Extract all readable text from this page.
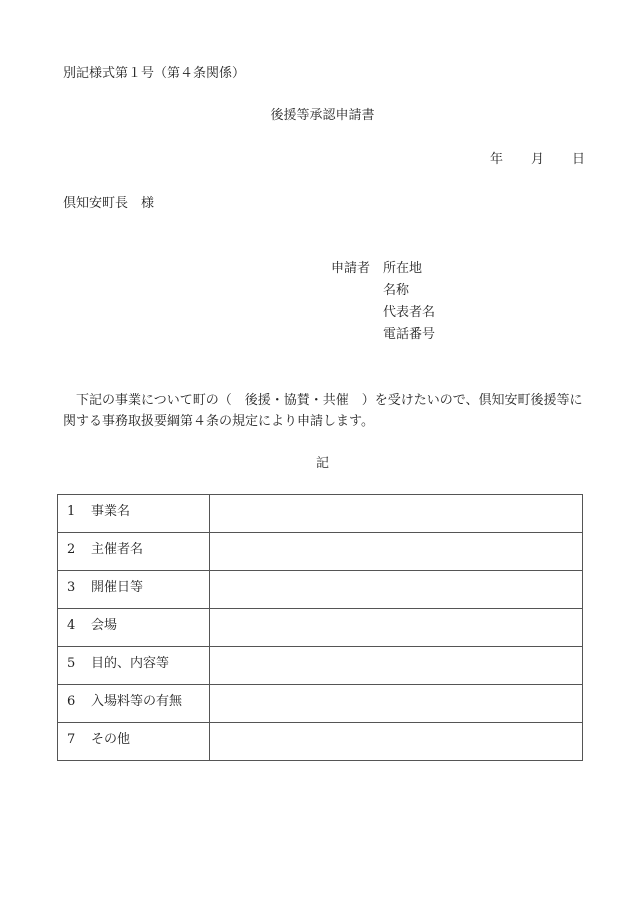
別記様式第１号（第４条関係）
後援等承認申請書
年 月 日
倶知安町長　様
申請者 所在地
名称
代表者名
電話番号
　下記の事業について町の（　後援・協賛・共催　）を受けたいので、倶知安町後援等に関する事務取扱要綱第４条の規定により申請します。
記
1 事業名	
2 主催者名	
3 開催日等	
4 会場	
5 目的、内容等	
6 入場料等の有無	
7 その他	
